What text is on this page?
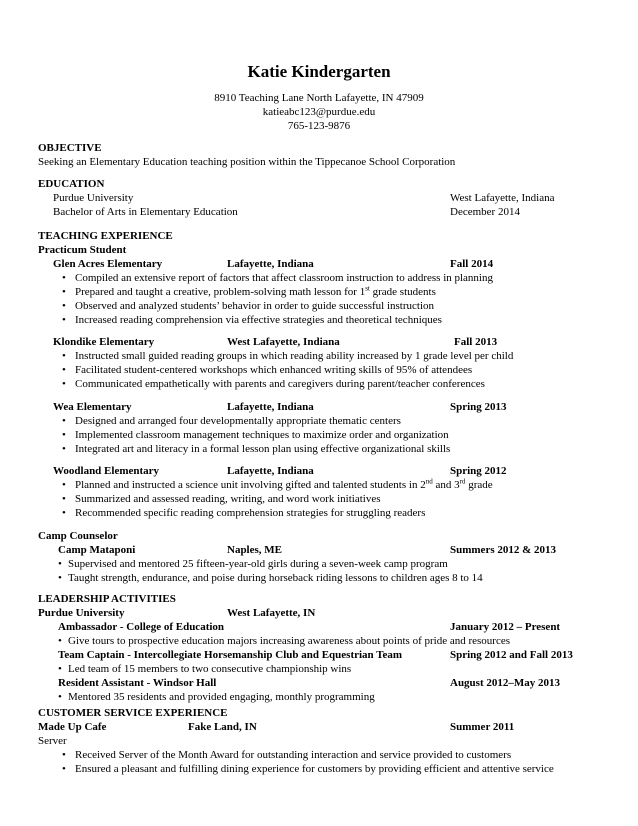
Katie Kindergarten
8910 Teaching Lane North Lafayette, IN 47909
katieabc123@purdue.edu
765-123-9876
OBJECTIVE
Seeking an Elementary Education teaching position within the Tippecanoe School Corporation
EDUCATION
Purdue University	West Lafayette, Indiana
Bachelor of Arts in Elementary Education	December 2014
TEACHING EXPERIENCE
Practicum Student
Glen Acres Elementary	Lafayette, Indiana	Fall 2014
• Compiled an extensive report of factors that affect classroom instruction to address in planning
• Prepared and taught a creative, problem-solving math lesson for 1st grade students
• Observed and analyzed students’ behavior in order to guide successful instruction
• Increased reading comprehension via effective strategies and theoretical techniques
Klondike Elementary	West Lafayette, Indiana	Fall 2013
• Instructed small guided reading groups in which reading ability increased by 1 grade level per child
• Facilitated student-centered workshops which enhanced writing skills of 95% of attendees
• Communicated empathetically with parents and caregivers during parent/teacher conferences
Wea Elementary	Lafayette, Indiana	Spring 2013
• Designed and arranged four developmentally appropriate thematic centers
• Implemented classroom management techniques to maximize order and organization
• Integrated art and literacy in a formal lesson plan using effective organizational skills
Woodland Elementary	Lafayette, Indiana	Spring 2012
• Planned and instructed a science unit involving gifted and talented students in 2nd and 3rd grade
• Summarized and assessed reading, writing, and word work initiatives
• Recommended specific reading comprehension strategies for struggling readers
Camp Counselor
Camp Mataponi	Naples, ME	Summers 2012 & 2013
• Supervised and mentored 25 fifteen-year-old girls during a seven-week camp program
• Taught strength, endurance, and poise during horseback riding lessons to children ages 8 to 14
LEADERSHIP ACTIVITIES
Purdue University	West Lafayette, IN
Ambassador - College of Education	January 2012 – Present
• Give tours to prospective education majors increasing awareness about points of pride and resources
Team Captain - Intercollegiate Horsemanship Club and Equestrian Team	Spring 2012 and Fall 2013
• Led team of 15 members to two consecutive championship wins
Resident Assistant - Windsor Hall	August 2012–May 2013
• Mentored 35 residents and provided engaging, monthly programming
CUSTOMER SERVICE EXPERIENCE
Made Up Cafe	Fake Land, IN	Summer 2011
Server
• Received Server of the Month Award for outstanding interaction and service provided to customers
• Ensured a pleasant and fulfilling dining experience for customers by providing efficient and attentive service
